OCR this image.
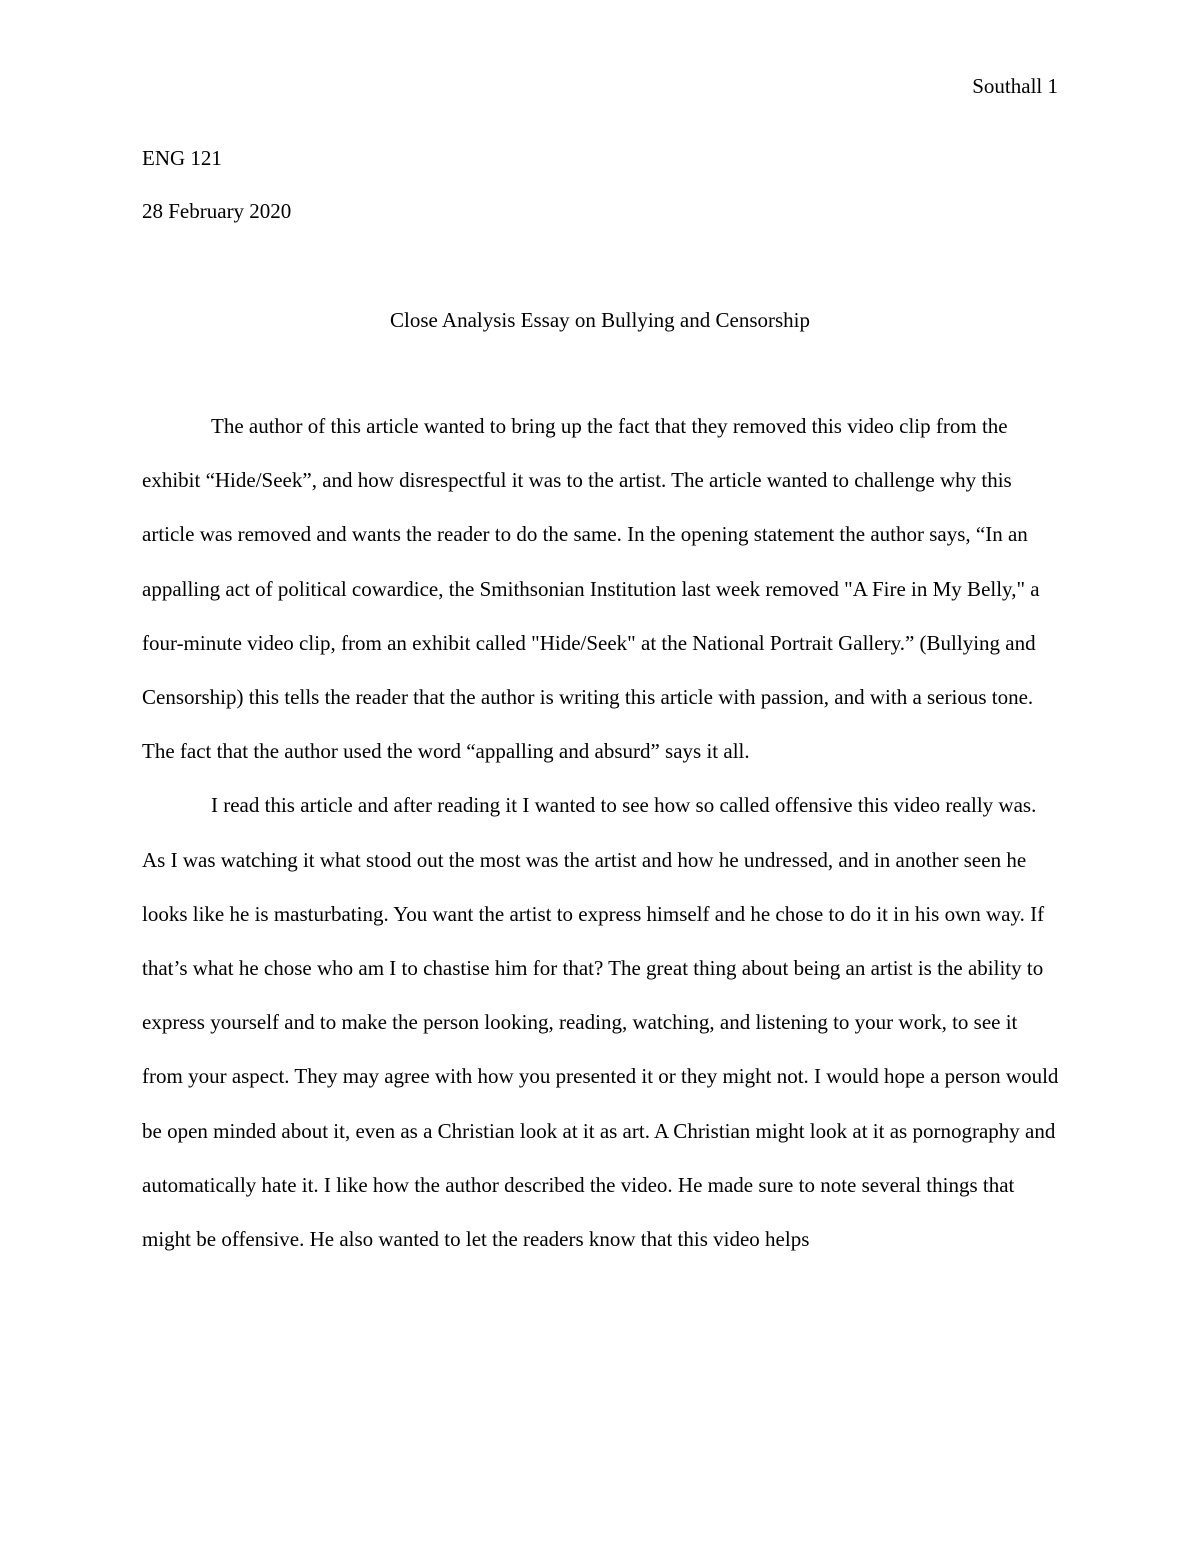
Southall 1
ENG 121
28 February 2020
Close Analysis Essay on Bullying and Censorship

The author of this article wanted to bring up the fact that they removed this video clip from the exhibit “Hide/Seek”, and how disrespectful it was to the artist. The article wanted to challenge why this article was removed and wants the reader to do the same. In the opening statement the author says, “In an appalling act of political cowardice, the Smithsonian Institution last week removed "A Fire in My Belly," a four-minute video clip, from an exhibit called "Hide/Seek" at the National Portrait Gallery.” (Bullying and Censorship) this tells the reader that the author is writing this article with passion, and with a serious tone. The fact that the author used the word “appalling and absurd” says it all.

I read this article and after reading it I wanted to see how so called offensive this video really was. As I was watching it what stood out the most was the artist and how he undressed, and in another seen he looks like he is masturbating. You want the artist to express himself and he chose to do it in his own way. If that’s what he chose who am I to chastise him for that? The great thing about being an artist is the ability to express yourself and to make the person looking, reading, watching, and listening to your work, to see it from your aspect. They may agree with how you presented it or they might not. I would hope a person would be open minded about it, even as a Christian look at it as art. A Christian might look at it as pornography and automatically hate it. I like how the author described the video. He made sure to note several things that might be offensive. He also wanted to let the readers know that this video helps
